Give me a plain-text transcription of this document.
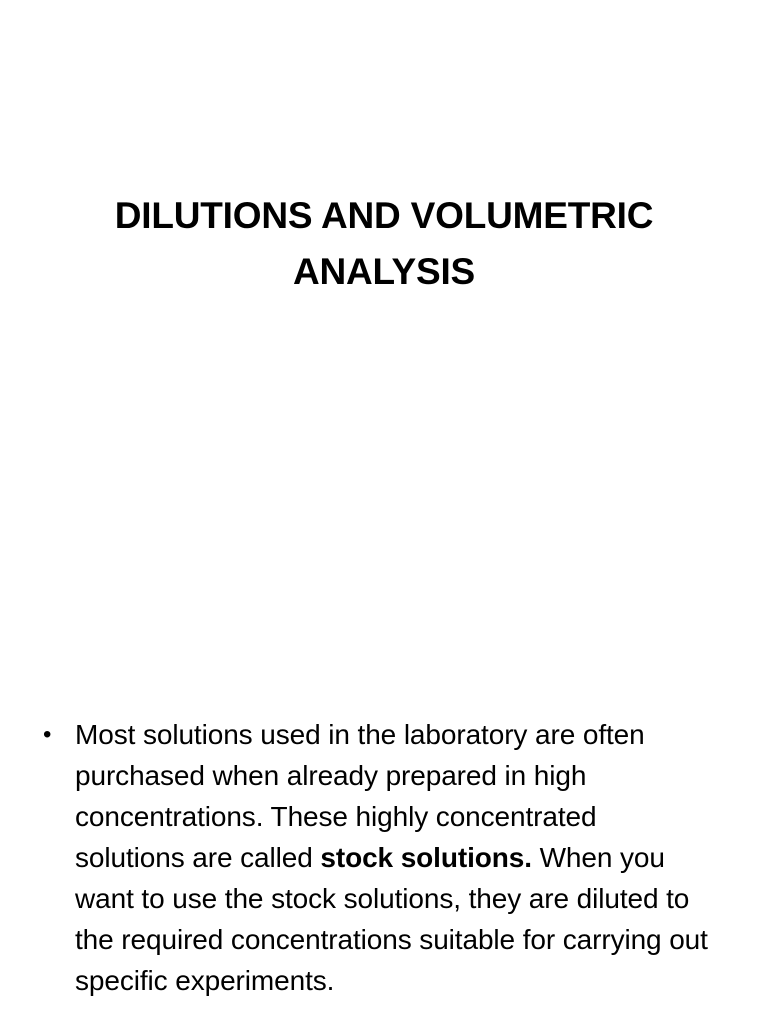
DILUTIONS AND VOLUMETRIC ANALYSIS
• Most solutions used in the laboratory are often purchased when already prepared in high concentrations. These highly concentrated solutions are called stock solutions. When you want to use the stock solutions, they are diluted to the required concentrations suitable for carrying out specific experiments.
